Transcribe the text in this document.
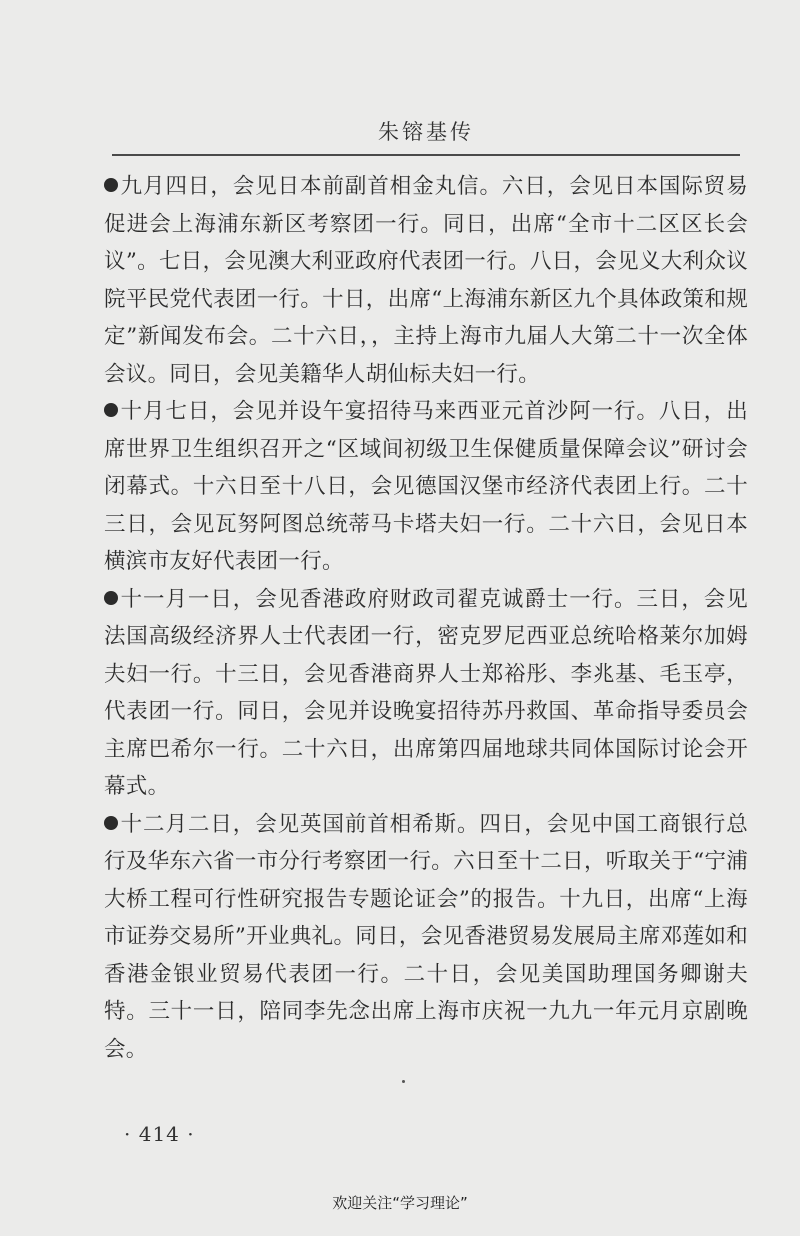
朱镕基传

九月四日，会见日本前副首相金丸信。六日，会见日本国际贸易促进会上海浦东新区考察团一行。同日，出席“全市十二区区长会议”。七日，会见澳大利亚政府代表团一行。八日，会见义大利众议院平民党代表团一行。十日，出席“上海浦东新区九个具体政策和规定”新闻发布会。二十六日，，主持上海市九届人大第二十一次全体会议。同日，会见美籍华人胡仙标夫妇一行。

十月七日，会见并设午宴招待马来西亚元首沙阿一行。八日，出席世界卫生组织召开之“区域间初级卫生保健质量保障会议”研讨会闭幕式。十六日至十八日，会见德国汉堡市经济代表团上行。二十三日，会见瓦努阿图总统蒂马卡塔夫妇一行。二十六日，会见日本横滨市友好代表团一行。

十一月一日，会见香港政府财政司翟克诚爵士一行。三日，会见法国高级经济界人士代表团一行，密克罗尼西亚总统哈格莱尔加姆夫妇一行。十三日，会见香港商界人士郑裕彤、李兆基、毛玉亭，代表团一行。同日，会见并设晚宴招待苏丹救国、革命指导委员会主席巴希尔一行。二十六日，出席第四届地球共同体国际讨论会开幕式。

十二月二日，会见英国前首相希斯。四日，会见中国工商银行总行及华东六省一市分行考察团一行。六日至十二日，听取关于“宁浦大桥工程可行性研究报告专题论证会”的报告。十九日，出席“上海市证券交易所”开业典礼。同日，会见香港贸易发展局主席邓莲如和香港金银业贸易代表团一行。二十日，会见美国助理国务卿谢夫特。三十一日，陪同李先念出席上海市庆祝一九九一年元月京剧晚会。

· 414 ·
欢迎关注“学习理论”
